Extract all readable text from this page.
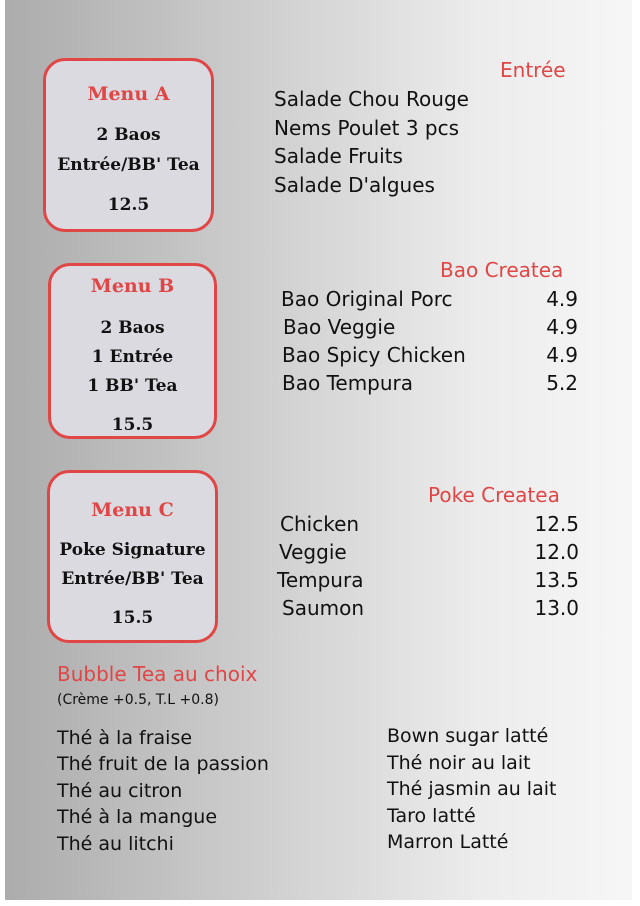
Menu A
2 Baos
Entrée/BB' Tea
12.5
Menu B
2 Baos
1 Entrée
1 BB' Tea
15.5
Menu C
Poke Signature
Entrée/BB' Tea
15.5
Entrée
Salade Chou Rouge
Nems Poulet 3 pcs
Salade Fruits
Salade D'algues
Bao Createa
Bao Original Porc	4.9
Bao Veggie	4.9
Bao Spicy Chicken	4.9
Bao Tempura	5.2
Poke Createa
Chicken	12.5
Veggie	12.0
Tempura	13.5
Saumon	13.0
Bubble Tea au choix
(Crème +0.5, T.L +0.8)
Thé à la fraise
Thé fruit de la passion
Thé au citron
Thé à la mangue
Thé au litchi
Bown sugar latté
Thé noir au lait
Thé jasmin au lait
Taro latté
Marron Latté
